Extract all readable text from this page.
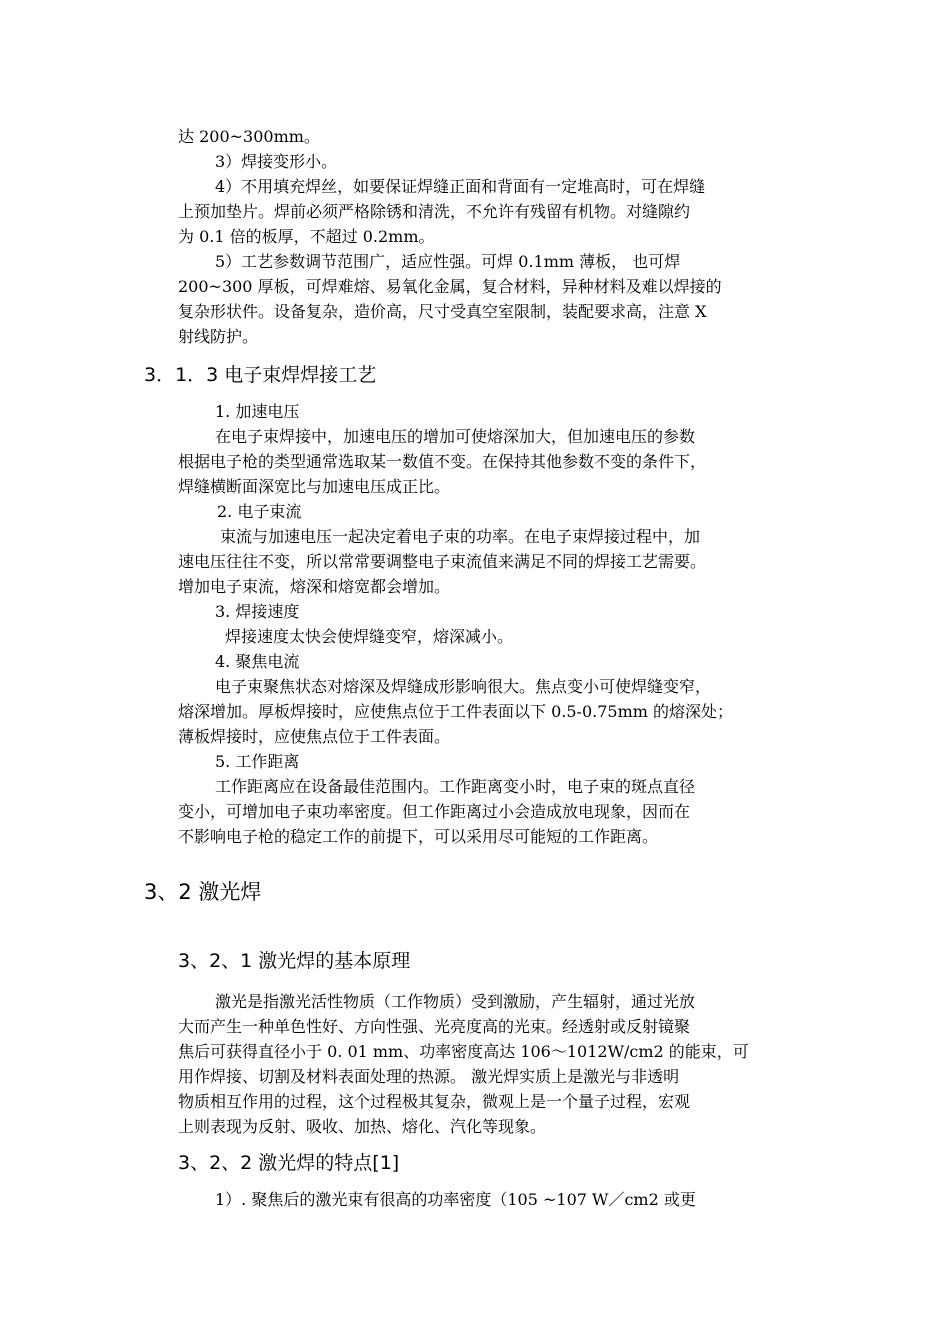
达 200~300mm。
3）焊接变形小。
4）不用填充焊丝，如要保证焊缝正面和背面有一定堆高时，可在焊缝
上预加垫片。焊前必须严格除锈和清洗，不允许有残留有机物。对缝隙约
为 0.1 倍的板厚，不超过 0.2mm。
5）工艺参数调节范围广，适应性强。可焊 0.1mm 薄板， 也可焊
200~300 厚板，可焊难熔、易氧化金属，复合材料，异种材料及难以焊接的
复杂形状件。设备复杂，造价高，尺寸受真空室限制，装配要求高，注意 X
射线防护。
3．1．3 电子束焊焊接工艺
1. 加速电压
在电子束焊接中，加速电压的增加可使熔深加大，但加速电压的参数
根据电子枪的类型通常选取某一数值不变。在保持其他参数不变的条件下，
焊缝横断面深宽比与加速电压成正比。
2. 电子束流
束流与加速电压一起决定着电子束的功率。在电子束焊接过程中，加
速电压往往不变，所以常常要调整电子束流值来满足不同的焊接工艺需要。
增加电子束流，熔深和熔宽都会增加。
3. 焊接速度
焊接速度太快会使焊缝变窄，熔深减小。
4. 聚焦电流
电子束聚焦状态对熔深及焊缝成形影响很大。焦点变小可使焊缝变窄，
熔深增加。厚板焊接时，应使焦点位于工件表面以下 0.5-0.75mm 的熔深处；
薄板焊接时，应使焦点位于工件表面。
5. 工作距离
工作距离应在设备最佳范围内。工作距离变小时，电子束的斑点直径
变小，可增加电子束功率密度。但工作距离过小会造成放电现象，因而在
不影响电子枪的稳定工作的前提下，可以采用尽可能短的工作距离。
3、2 激光焊
3、2、1 激光焊的基本原理
激光是指激光活性物质（工作物质）受到激励，产生辐射，通过光放
大而产生一种单色性好、方向性强、光亮度高的光束。经透射或反射镜聚
焦后可获得直径小于 0. 01 mm、功率密度高达 106～1012W/cm2 的能束，可
用作焊接、切割及材料表面处理的热源。 激光焊实质上是激光与非透明
物质相互作用的过程，这个过程极其复杂，微观上是一个量子过程，宏观
上则表现为反射、吸收、加热、熔化、汽化等现象。
3、2、2 激光焊的特点[1]
1）. 聚焦后的激光束有很高的功率密度（105 ~107 W／cm2 或更
